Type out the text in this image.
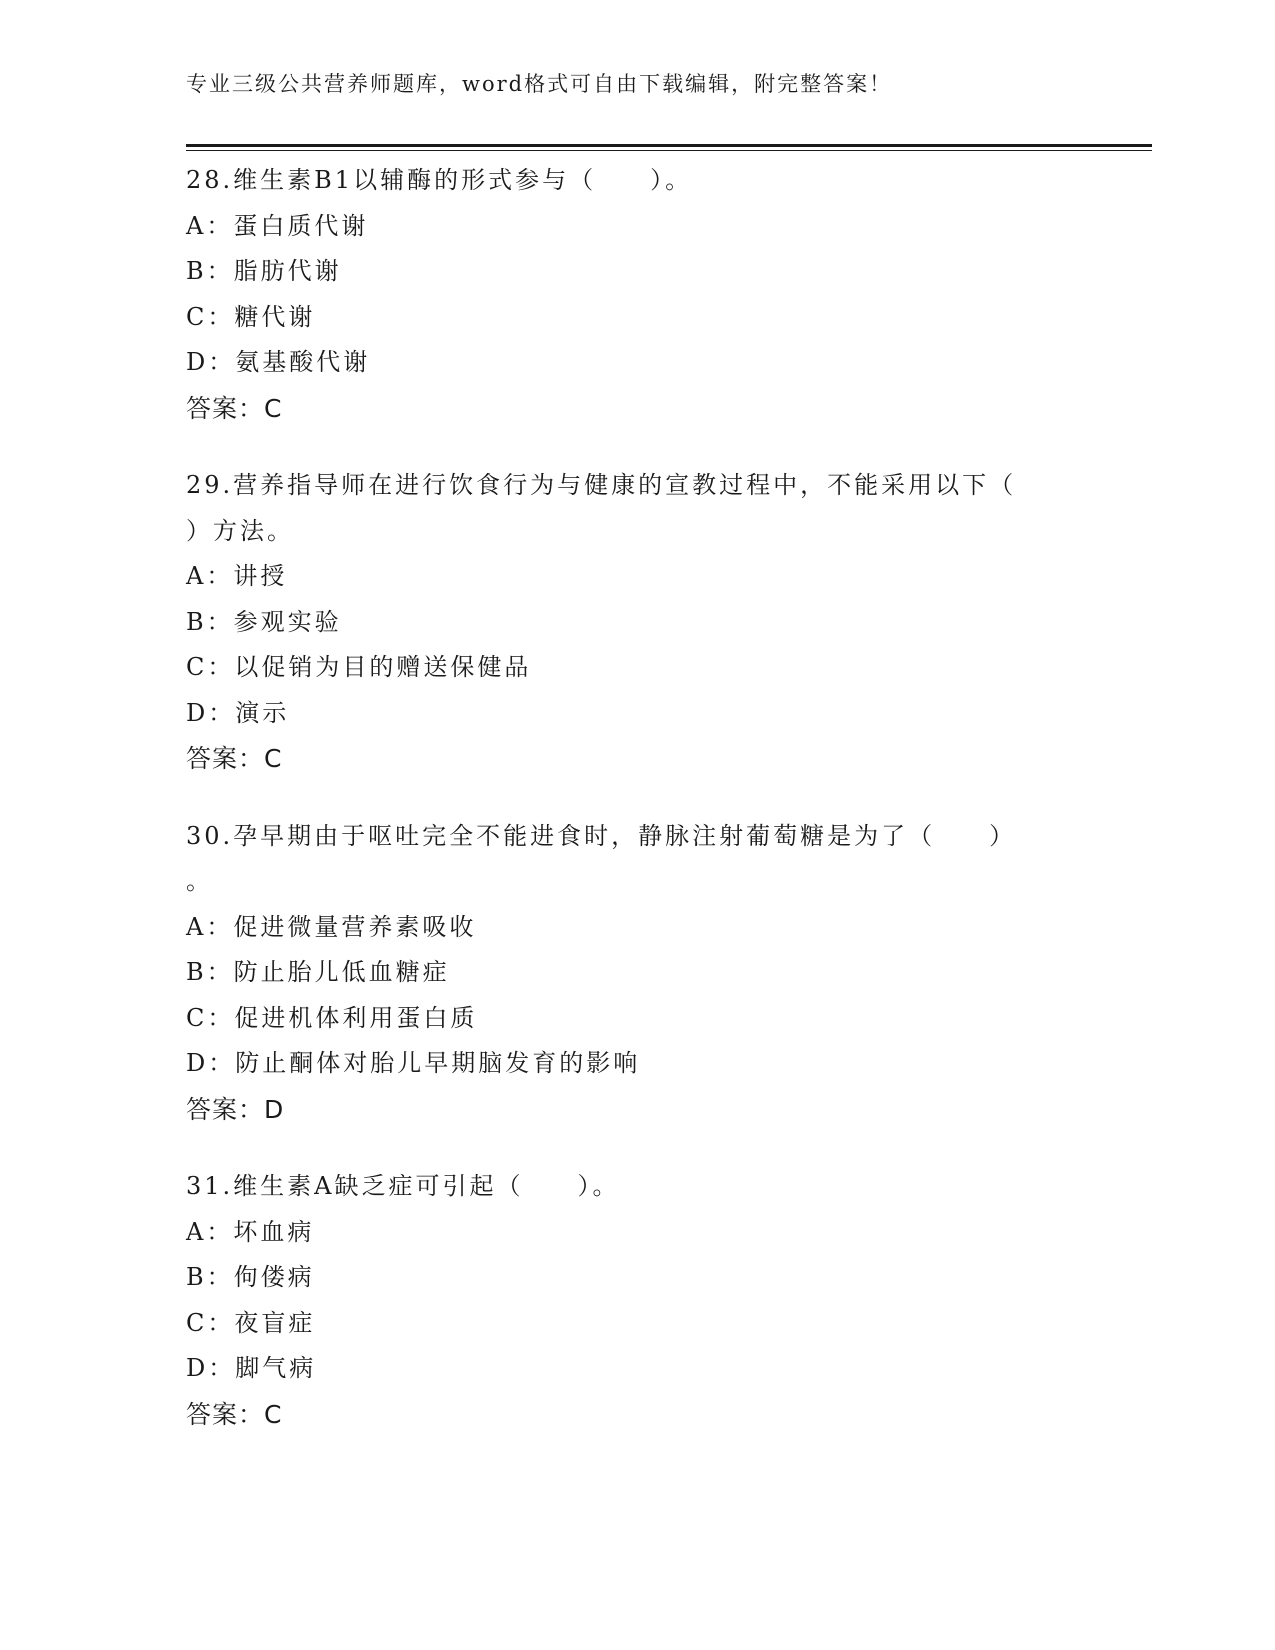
专业三级公共营养师题库，word格式可自由下载编辑，附完整答案！
28.维生素B1以辅酶的形式参与（　　）。
A：蛋白质代谢
B：脂肪代谢
C：糖代谢
D：氨基酸代谢
答案：C
29.营养指导师在进行饮食行为与健康的宣教过程中，不能采用以下（
）方法。
A：讲授
B：参观实验
C：以促销为目的赠送保健品
D：演示
答案：C
30.孕早期由于呕吐完全不能进食时，静脉注射葡萄糖是为了（　　）
。
A：促进微量营养素吸收
B：防止胎儿低血糖症
C：促进机体利用蛋白质
D：防止酮体对胎儿早期脑发育的影响
答案：D
31.维生素A缺乏症可引起（　　）。
A：坏血病
B：佝偻病
C：夜盲症
D：脚气病
答案：C
